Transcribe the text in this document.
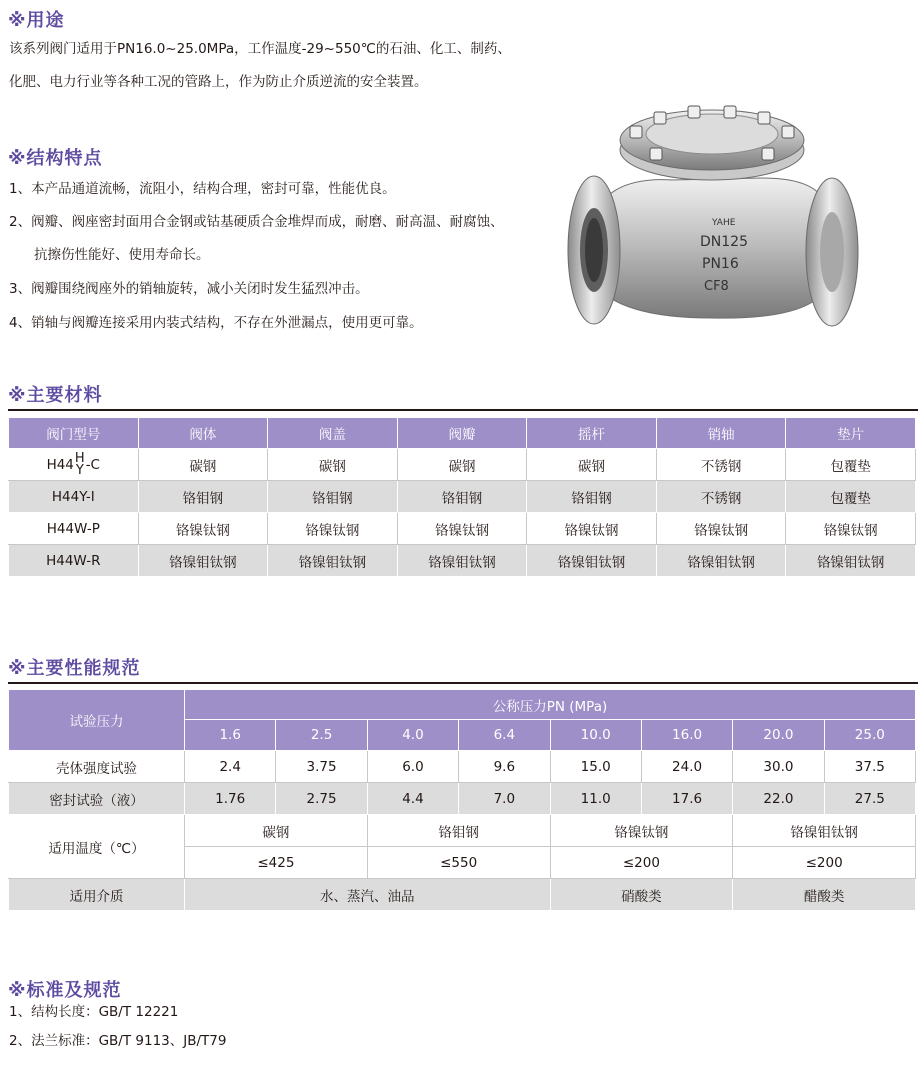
※用途

该系列阀门适用于PN16.0~25.0MPa，工作温度-29~550℃的石油、化工、制药、

化肥、电力行业等各种工况的管路上，作为防止介质逆流的安全装置。

※结构特点

1、本产品通道流畅，流阻小，结构合理，密封可靠，性能优良。

2、阀瓣、阀座密封面用合金钢或钴基硬质合金堆焊而成，耐磨、耐高温、耐腐蚀、

抗擦伤性能好、使用寿命长。

3、阀瓣围绕阀座外的销轴旋转，减小关闭时发生猛烈冲击。

4、销轴与阀瓣连接采用内装式结构，不存在外泄漏点，使用更可靠。

YAHE
DN125
PN16
CF8
※主要材料
阀门型号	阀体	阀盖	阀瓣	摇杆	销轴	垫片
H44 H
Y -C	碳钢	碳钢	碳钢	碳钢	不锈钢	包覆垫
H44Y-I	铬钼钢	铬钼钢	铬钼钢	铬钼钢	不锈钢	包覆垫
H44W-P	铬镍钛钢	铬镍钛钢	铬镍钛钢	铬镍钛钢	铬镍钛钢	铬镍钛钢
H44W-R	铬镍钼钛钢	铬镍钼钛钢	铬镍钼钛钢	铬镍钼钛钢	铬镍钼钛钢	铬镍钼钛钢
※主要性能规范
试验压力	公称压力PN (MPa)							
	1.6	2.5	4.0	6.4	10.0	16.0	20.0	25.0
壳体强度试验	2.4	3.75	6.0	9.6	15.0	24.0	30.0	37.5
密封试验（液）	1.76	2.75	4.4	7.0	11.0	17.6	22.0	27.5
适用温度（℃）	碳钢		铬钼钢		铬镍钛钢		铬镍钼钛钢	
	≤425		≤550		≤200		≤200	
适用介质	水、蒸汽、油品				硝酸类		醋酸类	
※标准及规范

1、结构长度：GB/T 12221

2、法兰标准：GB/T 9113、JB/T79
